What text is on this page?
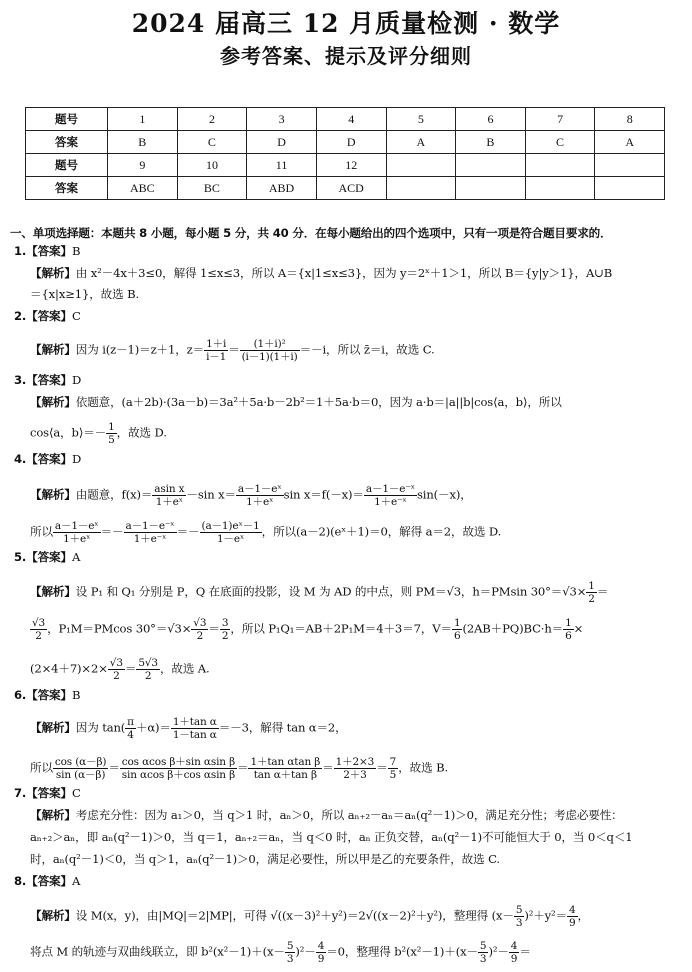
2024 届高三 12 月质量检测 · 数学
参考答案、提示及评分细则
题号	1	2	3	4	5	6	7	8
答案	B	C	D	D	A	B	C	A
题号	9	10	11	12				
答案	ABC	BC	ABD	ACD				
一、单项选择题：本题共 8 小题，每小题 5 分，共 40 分．在每小题给出的四个选项中，只有一项是符合题目要求的．
1.【答案】B
【解析】由 x²－4x＋3≤0，解得 1≤x≤3，所以 A＝{x|1≤x≤3}，因为 y＝2ˣ＋1＞1，所以 B＝{y|y＞1}，A∪B
＝{x|x≥1}，故选 B.
2.【答案】C
【解析】因为 i(z－1)＝z＋1，$z= \frac{1+i}{i-1} = \frac{\text{(1＋i)²}}{(i-1)(1+i)} =-i$，所以 z̄＝i，故选 C.
3.【答案】D
【解析】依题意，(a＋2b)·(3a－b)＝3a²＋5a·b－2b²＝1＋5a·b＝0，因为 a·b＝|a||b|cos⟨a，b⟩，所以
cos⟨a，b⟩＝－ $\frac{1}{5}$ ，故选 D.
4.【答案】D
【解析】由题意，$f(x)= \frac{\text{asin x}}{\text{1＋eˣ}} -\sin$ $x= \frac{\text{a－1－eˣ}}{\text{1＋eˣ}}$ $\sin x=f(-x)= \frac{\text{a－1－e⁻ˣ}}{\text{1＋e⁻ˣ}} \sin(-x)$，
所以 $\frac{\text{a－1－eˣ}}{\text{1＋eˣ}} =- \frac{\text{a－1－e⁻ˣ}}{\text{1＋e⁻ˣ}} =- \frac{\text{(a－1)eˣ－1}}{\text{1－eˣ}}$ ，所以(a－2)(eˣ＋1)＝0，解得 a＝2，故选 D.
5.【答案】A
【解析】设 P₁ 和 Q₁ 分别是 P，Q 在底面的投影，设 M 为 AD 的中点，则 PM＝√3，h＝PMsin $30^\circ=√3\times \frac{1}{2}$ ＝
$\frac{√3}{2}$ ，P₁M＝PMcos $30^\circ=√3\times \frac{√3}{2} = \frac{3}{2}$ ，所以 P₁Q₁＝AB＋2P₁M＝4＋3＝7，$V= \frac{1}{6} (2AB+PQ)BC\cdot h= \frac{1}{6}$ ×
$(2\times 4+7)\times 2\times \frac{√3}{2} = \frac{5√3}{2}$ ，故选 A.
6.【答案】B
【解析】因为 $\tan( \frac{\pi}{4} +\alpha)= \frac{\text{1＋tan α}}{\text{1－tan α}} =-3$，解得 tan α＝2，
所以 $\frac{\cos (\alpha-\beta)}{\sin (\alpha-\beta)} = \frac{\text{cos αcos β＋sin αsin β}}{\text{sin αcos β＋cos αsin β}} = \frac{\text{1＋tan αtan β}}{\text{tan α＋tan β}} = \frac{1+2\times 3}{2+3} = \frac{7}{5}$ ，故选 B.
7.【答案】C
【解析】考虑充分性：因为 a₁＞0，当 q＞1 时，aₙ＞0，所以 aₙ₊₂－aₙ＝aₙ(q²－1)＞0，满足充分性；考虑必要性：
aₙ₊₂＞aₙ，即 aₙ(q²－1)＞0，当 q＝1，aₙ₊₂＝aₙ，当 q＜0 时，aₙ 正负交替，aₙ(q²－1)不可能恒大于 0，当 0＜q＜1
时，aₙ(q²－1)＜0，当 q＞1，aₙ(q²－1)＞0，满足必要性，所以甲是乙的充要条件，故选 C.
8.【答案】A
【解析】设 M(x，y)，由|MQ|＝2|MP|，可得 √((x－3)²＋y²)＝2√((x－2)²＋y²)，整理得 $(x- \frac{5}{3} )^2+y^2= \frac{4}{9}$ ，
将点 M 的轨迹与双曲线联立，即 $b^2(x^2-1)+(x- \frac{5}{3} )^2- \frac{4}{9} =0$，整理得 $b^2(x^2-1)+(x- \frac{5}{3} )^2- \frac{4}{9}$ ＝
